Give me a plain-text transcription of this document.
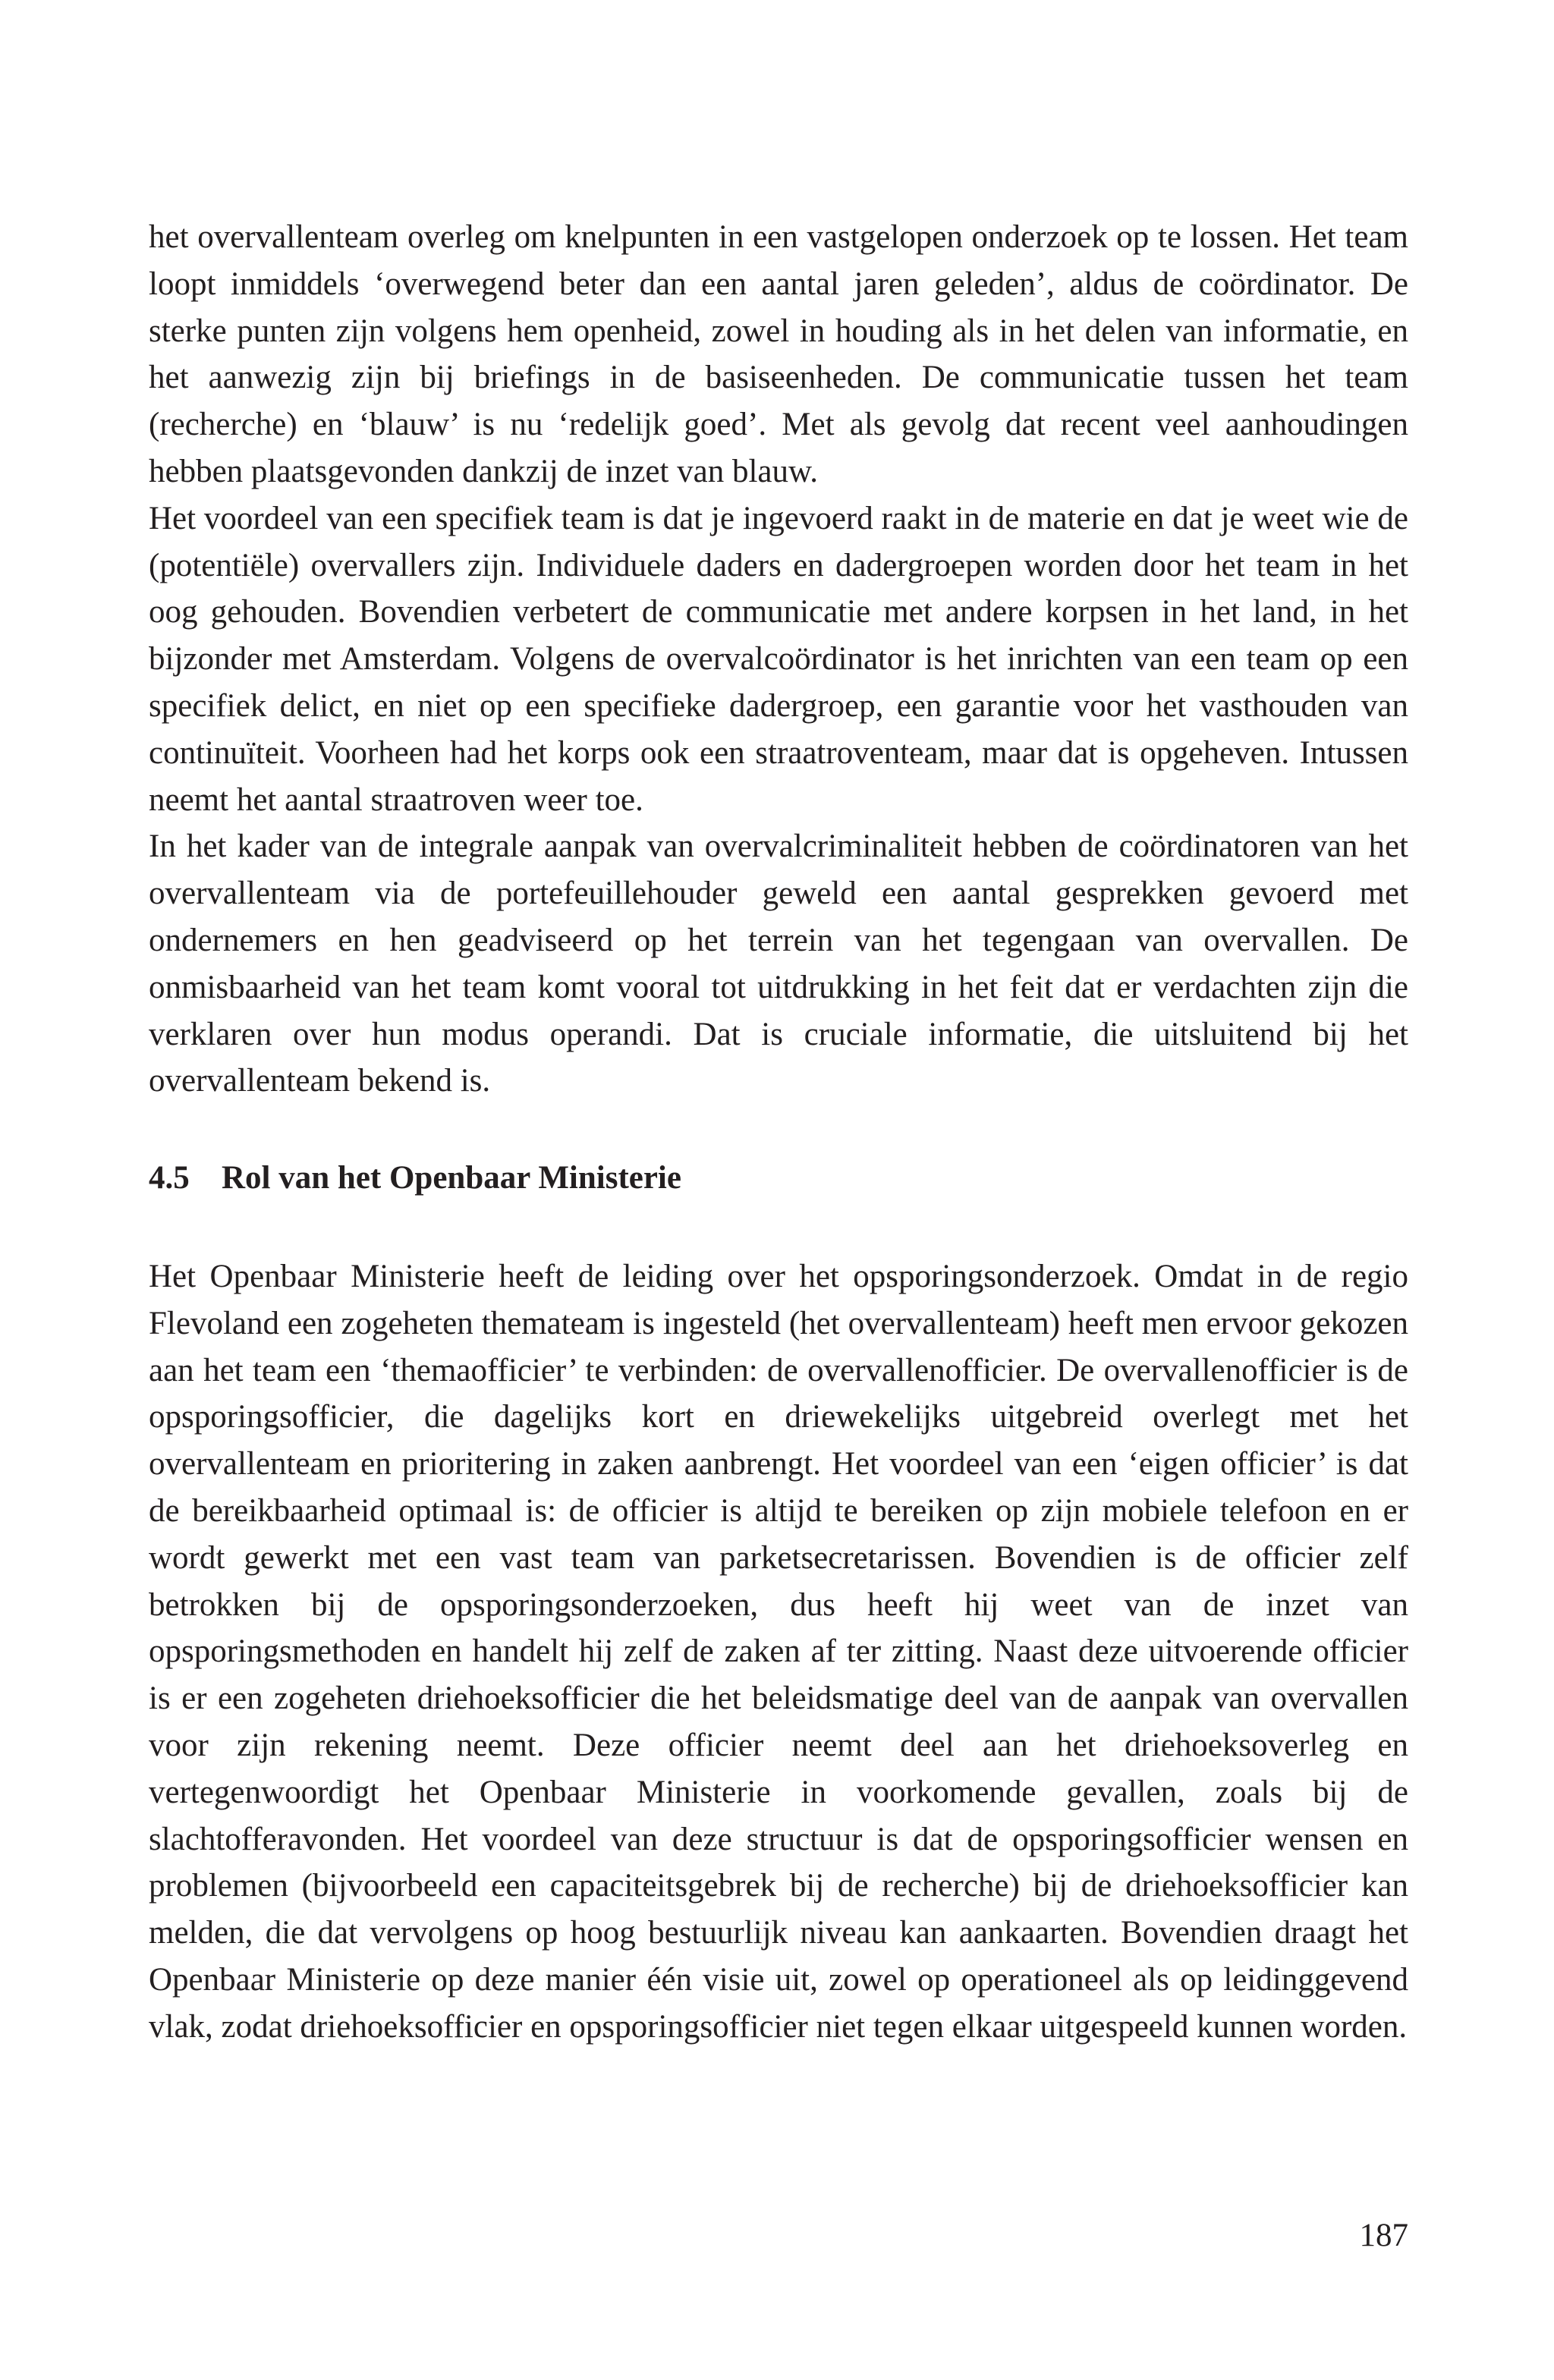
het overvallenteam overleg om knelpunten in een vastgelopen onderzoek op te lossen. Het team loopt inmiddels ‘overwegend beter dan een aantal jaren geleden’, aldus de coördinator. De sterke punten zijn volgens hem openheid, zowel in houding als in het delen van informatie, en het aanwezig zijn bij briefings in de basiseenheden. De communicatie tussen het team (recherche) en ‘blauw’ is nu ‘redelijk goed’. Met als gevolg dat recent veel aanhoudingen hebben plaatsgevonden dankzij de inzet van blauw.

Het voordeel van een specifiek team is dat je ingevoerd raakt in de materie en dat je weet wie de (potentiële) overvallers zijn. Individuele daders en dadergroepen worden door het team in het oog gehouden. Bovendien verbetert de communicatie met andere korpsen in het land, in het bijzonder met Amsterdam. Volgens de overvalcoördinator is het inrichten van een team op een specifiek delict, en niet op een specifieke dadergroep, een garantie voor het vasthouden van continuïteit. Voorheen had het korps ook een straatroventeam, maar dat is opgeheven. Intussen neemt het aantal straatroven weer toe.

In het kader van de integrale aanpak van overvalcriminaliteit hebben de coördinatoren van het overvallenteam via de portefeuillehouder geweld een aantal gesprekken gevoerd met ondernemers en hen geadviseerd op het terrein van het tegengaan van overvallen. De onmisbaarheid van het team komt vooral tot uitdrukking in het feit dat er verdachten zijn die verklaren over hun modus operandi. Dat is cruciale informatie, die uitsluitend bij het overvallenteam bekend is.

4.5 Rol van het Openbaar Ministerie

Het Openbaar Ministerie heeft de leiding over het opsporingsonderzoek. Omdat in de regio Flevoland een zogeheten themateam is ingesteld (het overvallenteam) heeft men ervoor gekozen aan het team een ‘themaofficier’ te verbinden: de overvallenofficier. De overvallenofficier is de opsporingsofficier, die dagelijks kort en driewekelijks uitgebreid overlegt met het overvallenteam en prioritering in zaken aanbrengt. Het voordeel van een ‘eigen officier’ is dat de bereikbaarheid optimaal is: de officier is altijd te bereiken op zijn mobiele telefoon en er wordt gewerkt met een vast team van parketsecretarissen. Bovendien is de officier zelf betrokken bij de opsporingsonderzoeken, dus heeft hij weet van de inzet van opsporingsmethoden en handelt hij zelf de zaken af ter zitting. Naast deze uitvoerende officier is er een zogeheten driehoeksofficier die het beleidsmatige deel van de aanpak van overvallen voor zijn rekening neemt. Deze officier neemt deel aan het driehoeksoverleg en vertegenwoordigt het Openbaar Ministerie in voorkomende gevallen, zoals bij de slachtofferavonden. Het voordeel van deze structuur is dat de opsporingsofficier wensen en problemen (bijvoorbeeld een capaciteitsgebrek bij de recherche) bij de driehoeksofficier kan melden, die dat vervolgens op hoog bestuurlijk niveau kan aankaarten. Bovendien draagt het Openbaar Ministerie op deze manier één visie uit, zowel op operationeel als op leidinggevend vlak, zodat driehoeksofficier en opsporingsofficier niet tegen elkaar uitgespeeld kunnen worden.

187
